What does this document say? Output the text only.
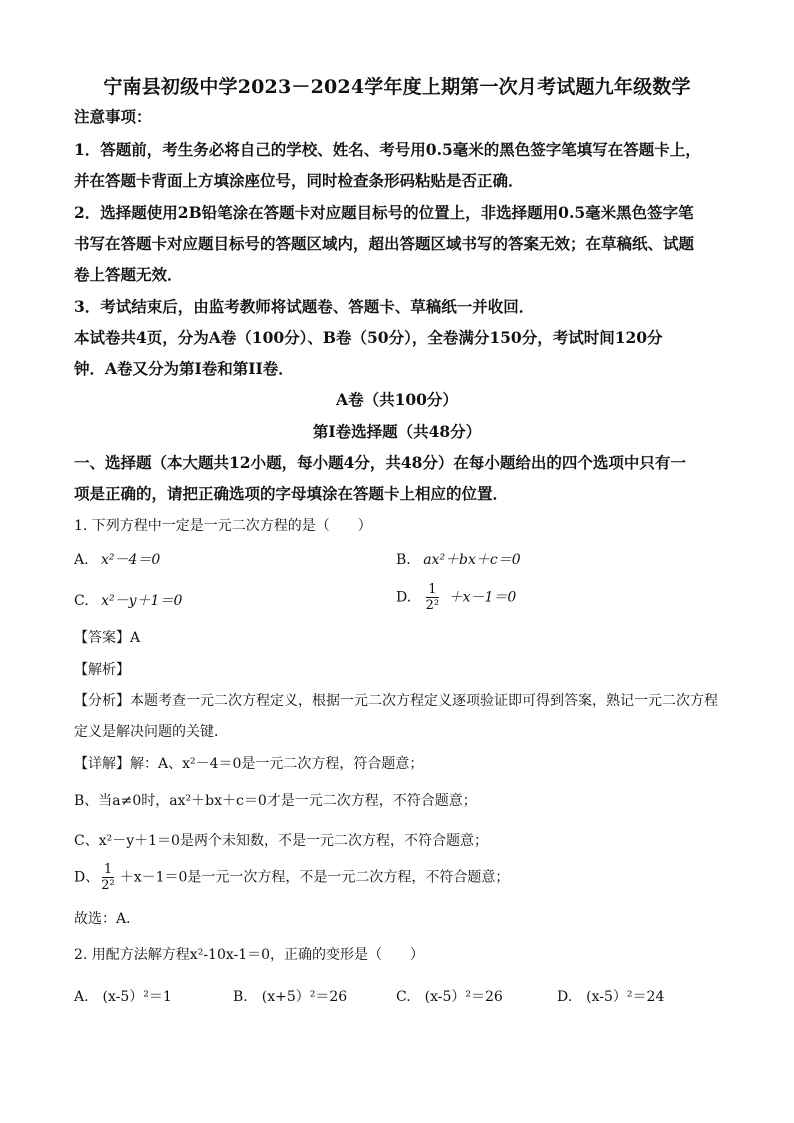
宁南县初级中学2023－2024学年度上期第一次月考试题九年级数学
注意事项：
1．答题前，考生务必将自己的学校、姓名、考号用0.5毫米的黑色签字笔填写在答题卡上，
并在答题卡背面上方填涂座位号，同时检查条形码粘贴是否正确．
2．选择题使用2B铅笔涂在答题卡对应题目标号的位置上，非选择题用0.5毫米黑色签字笔
书写在答题卡对应题目标号的答题区域内，超出答题区域书写的答案无效；在草稿纸、试题
卷上答题无效．
3．考试结束后，由监考教师将试题卷、答题卡、草稿纸一并收回．
本试卷共4页，分为A卷（100分）、B卷（50分），全卷满分150分，考试时间120分
钟．A卷又分为第I卷和第II卷．
A卷（共100分）
第I卷选择题（共48分）
一、选择题（本大题共12小题，每小题4分，共48分）在每小题给出的四个选项中只有一
项是正确的，请把正确选项的字母填涂在答题卡上相应的位置．
1. 下列方程中一定是一元二次方程的是（　　）
A. x²－4＝0	B. ax²＋bx＋c＝0
C. x²－y＋1＝0	D. $\frac{1}{\text{2²}} +x-1=0$
【答案】A
【解析】
【分析】本题考查一元二次方程定义，根据一元二次方程定义逐项验证即可得到答案，熟记一元二次方程
定义是解决问题的关键．
【详解】解：A、x²－4＝0是一元二次方程，符合题意；
B、当a≠0时，ax²＋bx＋c＝0才是一元二次方程，不符合题意；
C、x²－y＋1＝0是两个未知数，不是一元二次方程，不符合题意；
D、 $\frac{1}{\text{2²}} +x-1=0$是一元一次方程，不是一元二次方程，不符合题意；
故选：A．
2. 用配方法解方程x²-10x-1＝0，正确的变形是（　　）
A.　(x-5）²＝1	B.　(x+5）²＝26	C.　(x-5）²＝26	D.　(x-5）²＝24
